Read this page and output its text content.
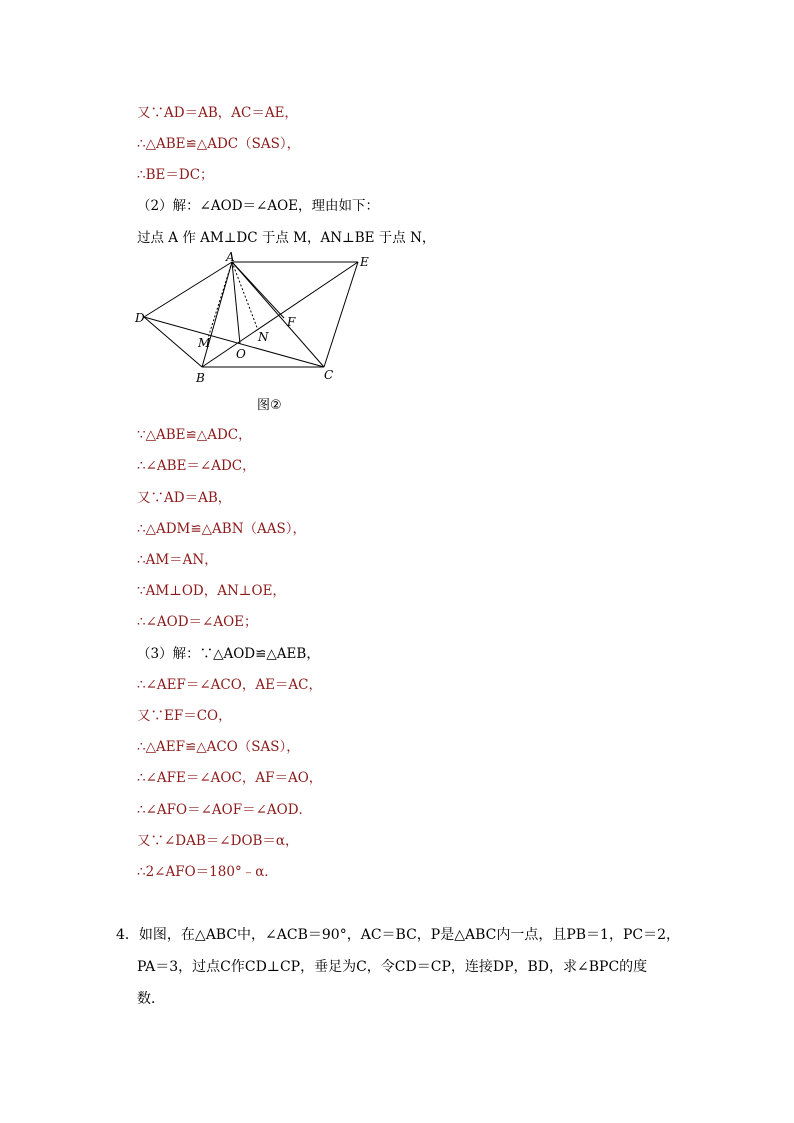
又∵AD＝AB，AC＝AE，
∴△ABE≌△ADC（SAS），
∴BE＝DC；
（2）解：∠AOD＝∠AOE，理由如下：
过点 A 作 AM⊥DC 于点 M，AN⊥BE 于点 N，
A	E
D	F
N
M
O
B	C
图②
∵△ABE≌△ADC，
∴∠ABE＝∠ADC，
又∵AD＝AB，
∴△ADM≌△ABN（AAS），
∴AM＝AN，
∵AM⊥OD，AN⊥OE，
∴∠AOD＝∠AOE；
（3）解：∵△AOD≌△AEB，
∴∠AEF＝∠ACO，AE＝AC，
又∵EF＝CO，
∴△AEF≌△ACO（SAS），
∴∠AFE＝∠AOC，AF＝AO，
∴∠AFO＝∠AOF＝∠AOD．
又∵∠DAB＝∠DOB＝α，
∴2∠AFO＝180°﹣α．
4．如图，在△ABC中，∠ACB＝90°，AC＝BC，P是△ABC内一点，且PB＝1，PC＝2，
PA＝3，过点C作CD⊥CP，垂足为C，令CD＝CP，连接DP，BD，求∠BPC的度
数．
